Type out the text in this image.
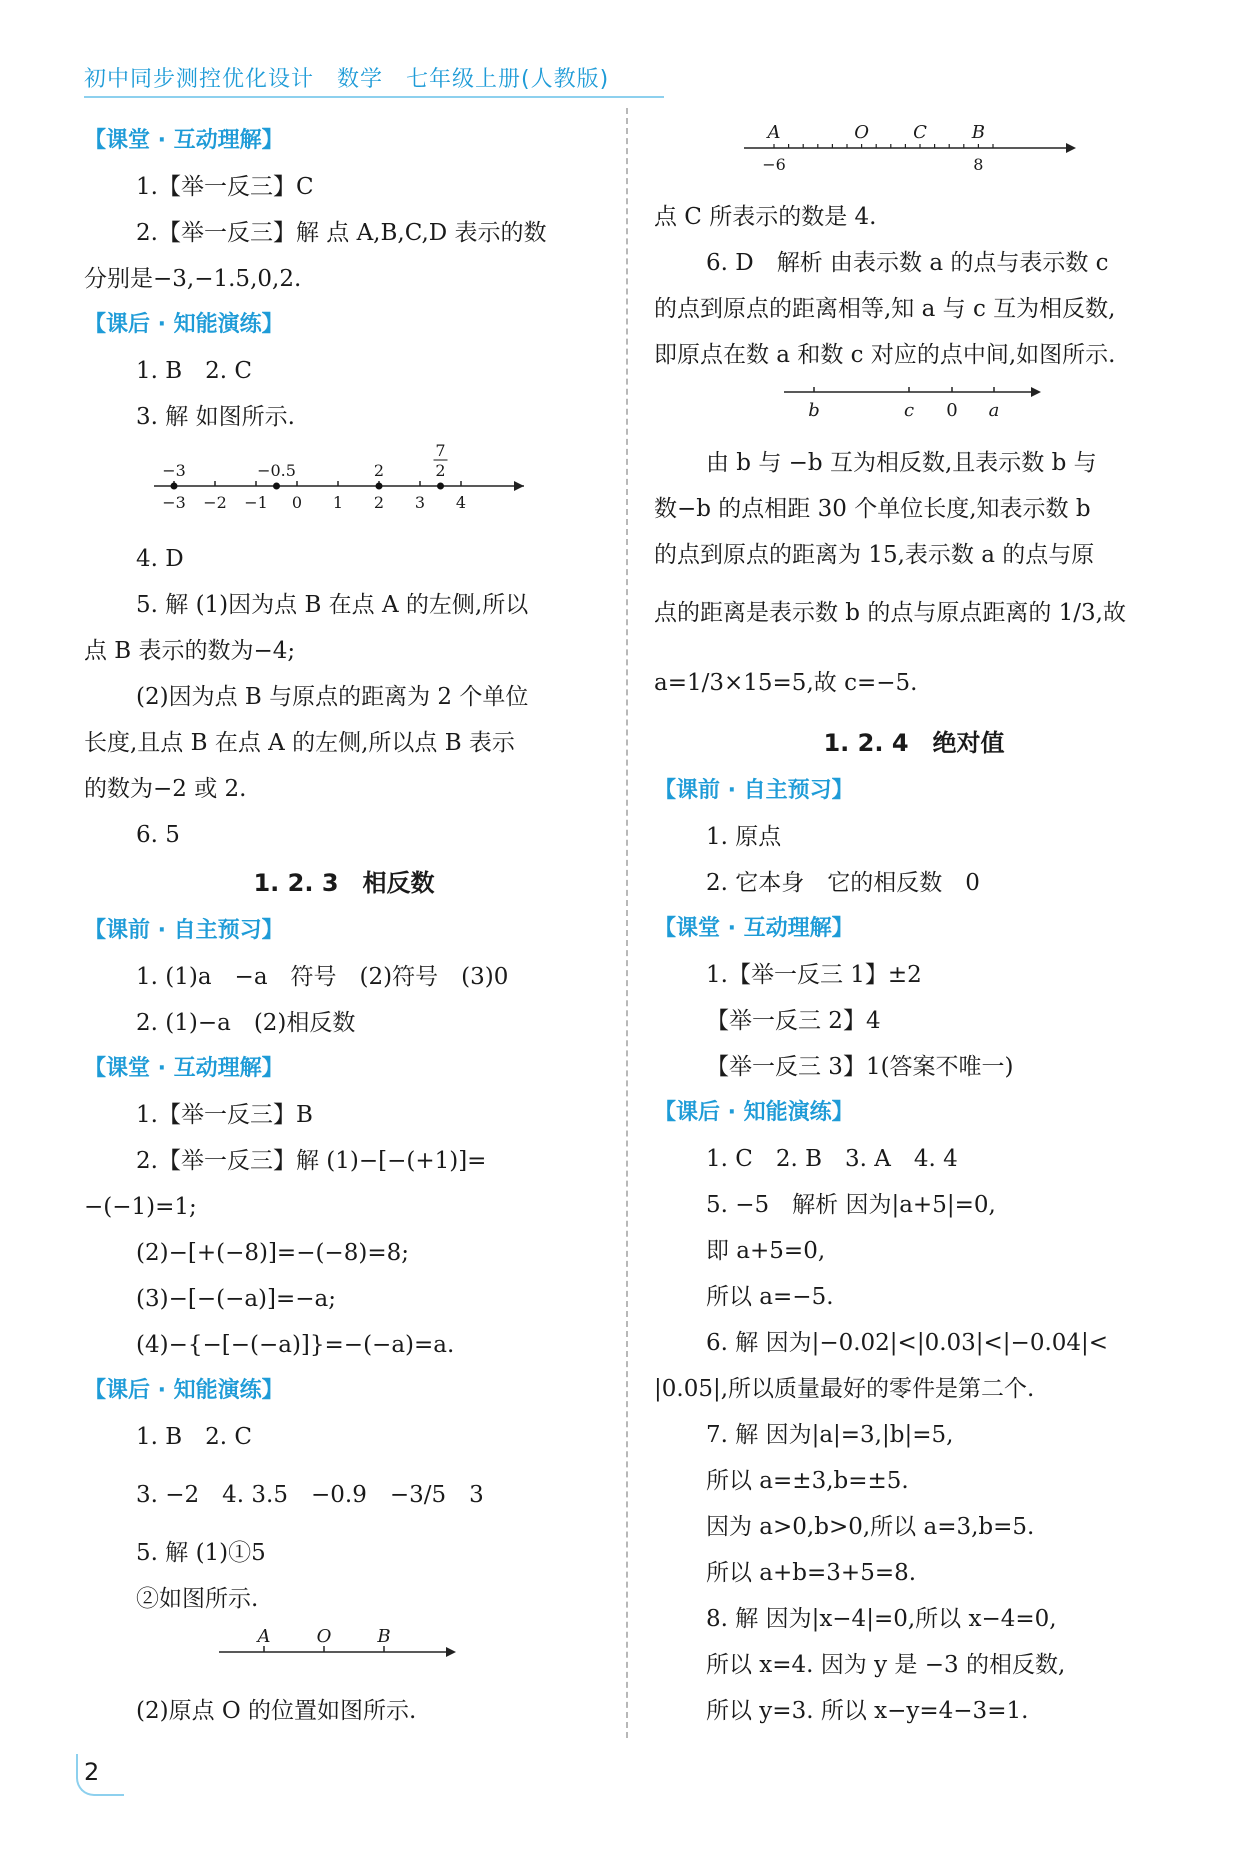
初中同步测控优化设计　数学　七年级上册(人教版)
【课堂 · 互动理解】
1.【举一反三】C
2.【举一反三】解 点 A,B,C,D 表示的数
分别是−3,−1.5,0,2.
【课后 · 知能演练】
1. B　2. C
3. 解 如图所示.
−3 −2 −1 0 1 2 3 4
−3	−0.5	2
7
2
4. D
5. 解 (1)因为点 B 在点 A 的左侧,所以
点 B 表示的数为−4;
(2)因为点 B 与原点的距离为 2 个单位
长度,且点 B 在点 A 的左侧,所以点 B 表示
的数为−2 或 2.
6. 5
1. 2. 3　相反数
【课前 · 自主预习】
1. (1)a　−a　符号　(2)符号　(3)0
2. (1)−a　(2)相反数
【课堂 · 互动理解】
1.【举一反三】B
2.【举一反三】解 (1)−[−(+1)]=
−(−1)=1;
(2)−[+(−8)]=−(−8)=8;
(3)−[−(−a)]=−a;
(4)−{−[−(−a)]}=−(−a)=a.
【课后 · 知能演练】
1. B　2. C
3. −2　4. 3.5　−0.9　−3/5　3
5. 解 (1)①5
②如图所示.
A	O	B
(2)原点 O 的位置如图所示.
A	O C B
−6	8
点 C 所表示的数是 4.
6. D　解析 由表示数 a 的点与表示数 c
的点到原点的距离相等,知 a 与 c 互为相反数,
即原点在数 a 和数 c 对应的点中间,如图所示.
b	c 0 a
由 b 与 −b 互为相反数,且表示数 b 与
数−b 的点相距 30 个单位长度,知表示数 b
的点到原点的距离为 15,表示数 a 的点与原
点的距离是表示数 b 的点与原点距离的 1/3,故
a=1/3×15=5,故 c=−5.
1. 2. 4　绝对值
【课前 · 自主预习】
1. 原点
2. 它本身　它的相反数　0
【课堂 · 互动理解】
1.【举一反三 1】±2
【举一反三 2】4
【举一反三 3】1(答案不唯一)
【课后 · 知能演练】
1. C　2. B　3. A　4. 4
5. −5　解析 因为|a+5|=0,
即 a+5=0,
所以 a=−5.
6. 解 因为|−0.02|<|0.03|<|−0.04|<
|0.05|,所以质量最好的零件是第二个.
7. 解 因为|a|=3,|b|=5,
所以 a=±3,b=±5.
因为 a>0,b>0,所以 a=3,b=5.
所以 a+b=3+5=8.
8. 解 因为|x−4|=0,所以 x−4=0,
所以 x=4. 因为 y 是 −3 的相反数,
所以 y=3. 所以 x−y=4−3=1.
2
